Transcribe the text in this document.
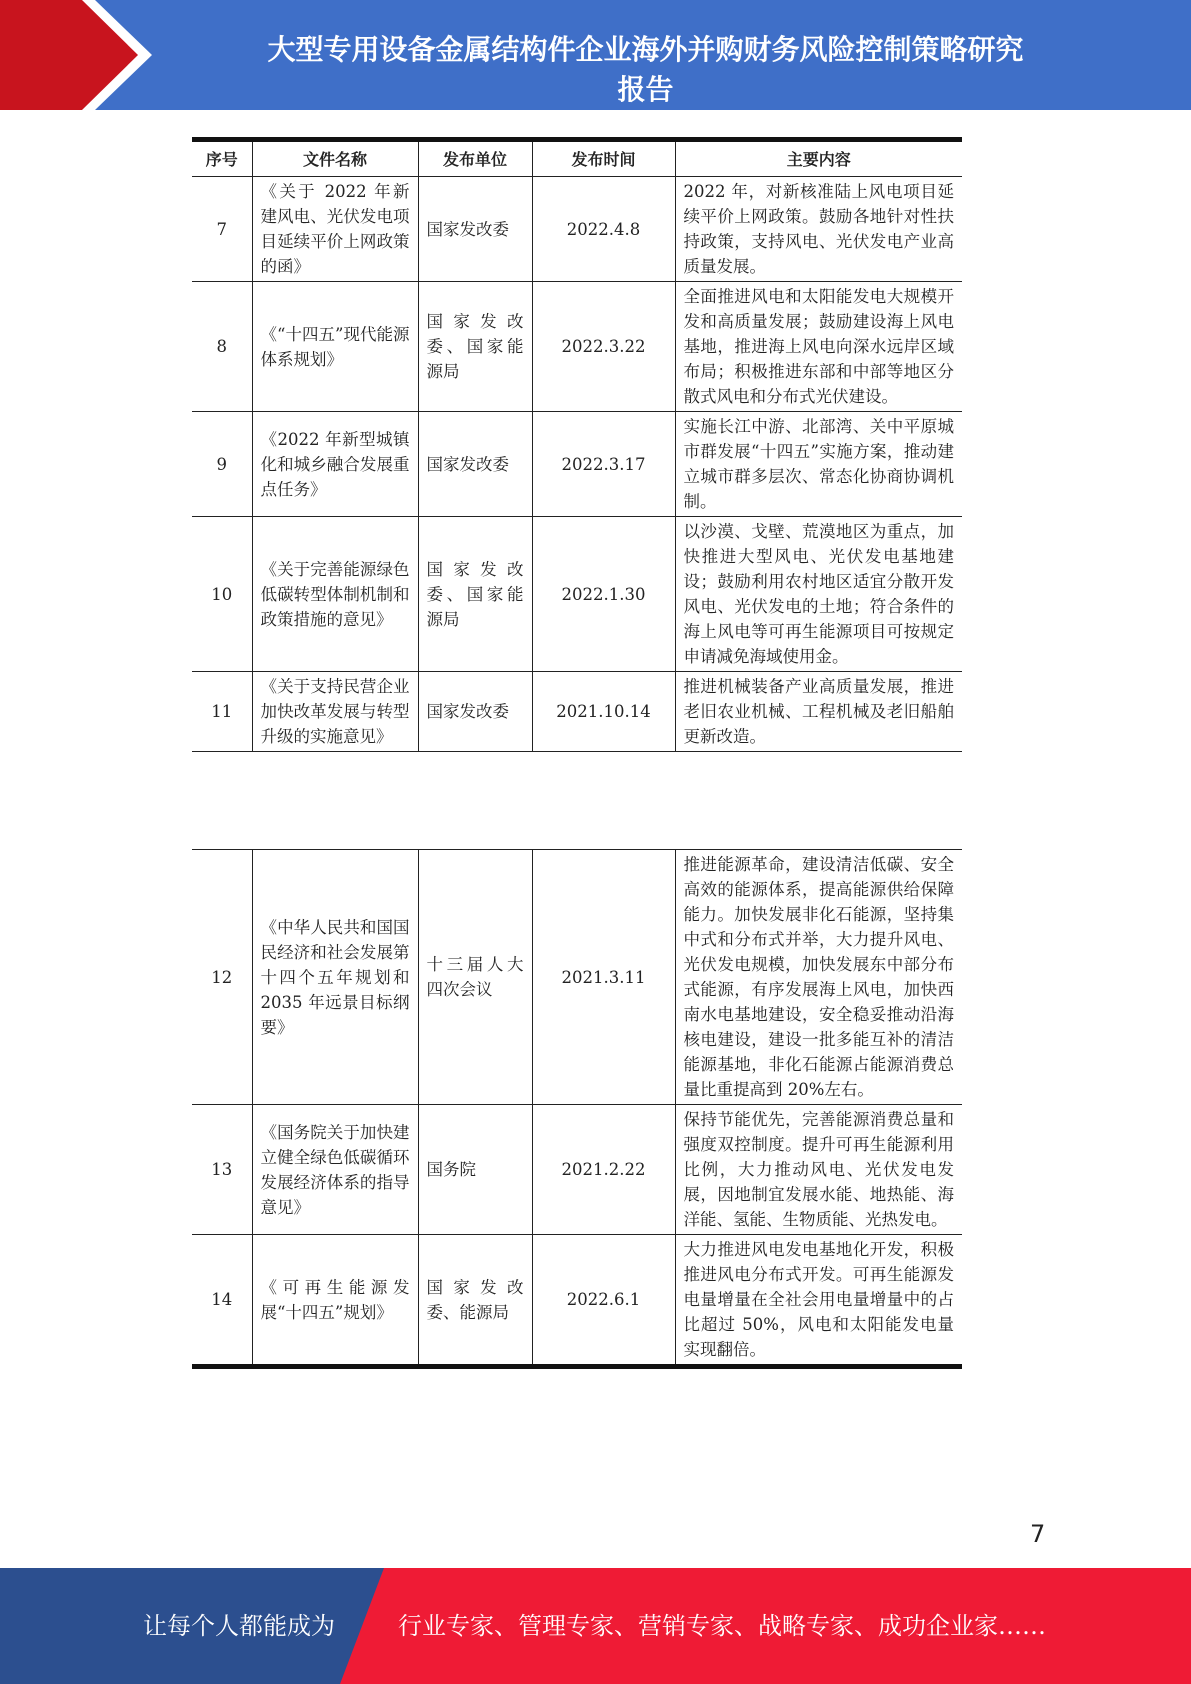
大型专用设备金属结构件企业海外并购财务风险控制策略研究
报告
序号	文件名称	发布单位	发布时间	主要内容
7	《关于 2022 年新建风电、光伏发电项目延续平价上网政策的函》	国家发改委	2022.4.8	2022 年，对新核准陆上风电项目延续平价上网政策。鼓励各地针对性扶持政策，支持风电、光伏发电产业高质量发展。
8	《“十四五”现代能源体系规划》	国家发改委、国家能源局	2022.3.22	全面推进风电和太阳能发电大规模开发和高质量发展；鼓励建设海上风电基地，推进海上风电向深水远岸区域布局；积极推进东部和中部等地区分散式风电和分布式光伏建设。
9	《2022 年新型城镇化和城乡融合发展重点任务》	国家发改委	2022.3.17	实施长江中游、北部湾、关中平原城市群发展“十四五”实施方案，推动建立城市群多层次、常态化协商协调机制。
10	《关于完善能源绿色低碳转型体制机制和政策措施的意见》	国家发改委、国家能源局	2022.1.30	以沙漠、戈壁、荒漠地区为重点，加快推进大型风电、光伏发电基地建设；鼓励利用农村地区适宜分散开发风电、光伏发电的土地；符合条件的海上风电等可再生能源项目可按规定申请减免海域使用金。
11	《关于支持民营企业加快改革发展与转型升级的实施意见》	国家发改委	2021.10.14	推进机械装备产业高质量发展，推进老旧农业机械、工程机械及老旧船舶更新改造。
12	《中华人民共和国国民经济和社会发展第十四个五年规划和 2035 年远景目标纲要》	十三届人大四次会议	2021.3.11	推进能源革命，建设清洁低碳、安全高效的能源体系，提高能源供给保障能力。加快发展非化石能源，坚持集中式和分布式并举，大力提升风电、光伏发电规模，加快发展东中部分布式能源，有序发展海上风电，加快西南水电基地建设，安全稳妥推动沿海核电建设，建设一批多能互补的清洁能源基地，非化石能源占能源消费总量比重提高到 20%左右。
13	《国务院关于加快建立健全绿色低碳循环发展经济体系的指导意见》	国务院	2021.2.22	保持节能优先，完善能源消费总量和强度双控制度。提升可再生能源利用比例，大力推动风电、光伏发电发展，因地制宜发展水能、地热能、海洋能、氢能、生物质能、光热发电。
14	《可再生能源发展“十四五”规划》	国家发改委、能源局	2022.6.1	大力推进风电发电基地化开发，积极推进风电分布式开发。可再生能源发电量增量在全社会用电量增量中的占比超过 50%，风电和太阳能发电量实现翻倍。
7
让每个人都能成为	行业专家、管理专家、营销专家、战略专家、成功企业家……
